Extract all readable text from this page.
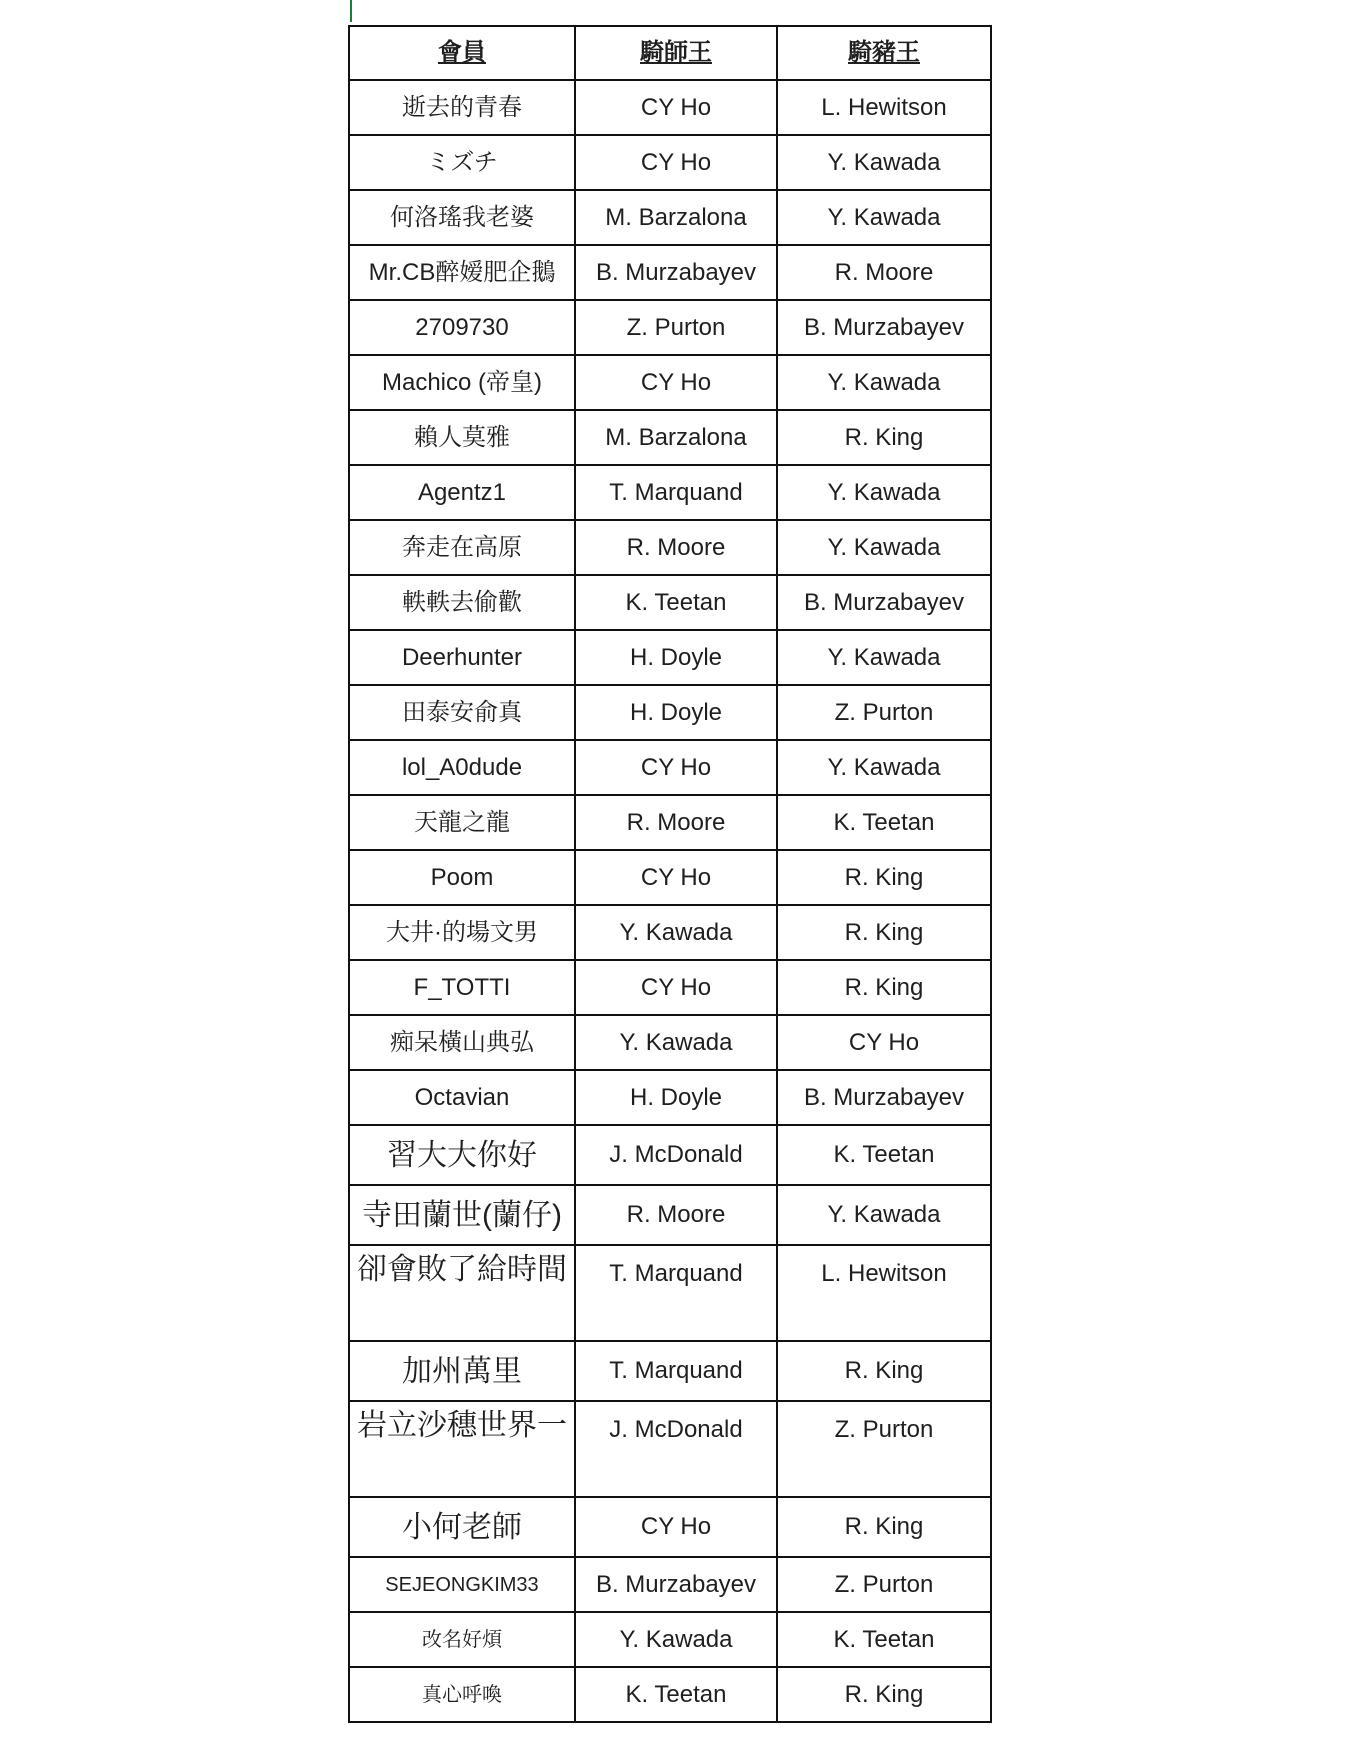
會員	騎師王	騎豬王
逝去的青春	CY Ho	L. Hewitson
ミズチ	CY Ho	Y. Kawada
何洛瑤我老婆	M. Barzalona	Y. Kawada
Mr.CB醉嫒肥企鵝	B. Murzabayev	R. Moore
2709730	Z. Purton	B. Murzabayev
Machico (帝皇)	CY Ho	Y. Kawada
賴人莫雅	M. Barzalona	R. King
Agentz1	T. Marquand	Y. Kawada
奔走在高原	R. Moore	Y. Kawada
軼軼去偷歡	K. Teetan	B. Murzabayev
Deerhunter	H. Doyle	Y. Kawada
田泰安俞真	H. Doyle	Z. Purton
lol_A0dude	CY Ho	Y. Kawada
天龍之龍	R. Moore	K. Teetan
Poom	CY Ho	R. King
大井·的場文男	Y. Kawada	R. King
F_TOTTI	CY Ho	R. King
痴呆橫山典弘	Y. Kawada	CY Ho
Octavian	H. Doyle	B. Murzabayev
習大大你好	J. McDonald	K. Teetan
寺田蘭世(蘭仔)	R. Moore	Y. Kawada
卻會敗了給時間	T. Marquand	L. Hewitson
加州萬里	T. Marquand	R. King
岩立沙穗世界一	J. McDonald	Z. Purton
小何老師	CY Ho	R. King
SEJEONGKIM33	B. Murzabayev	Z. Purton
改名好煩	Y. Kawada	K. Teetan
真心呼喚	K. Teetan	R. King
